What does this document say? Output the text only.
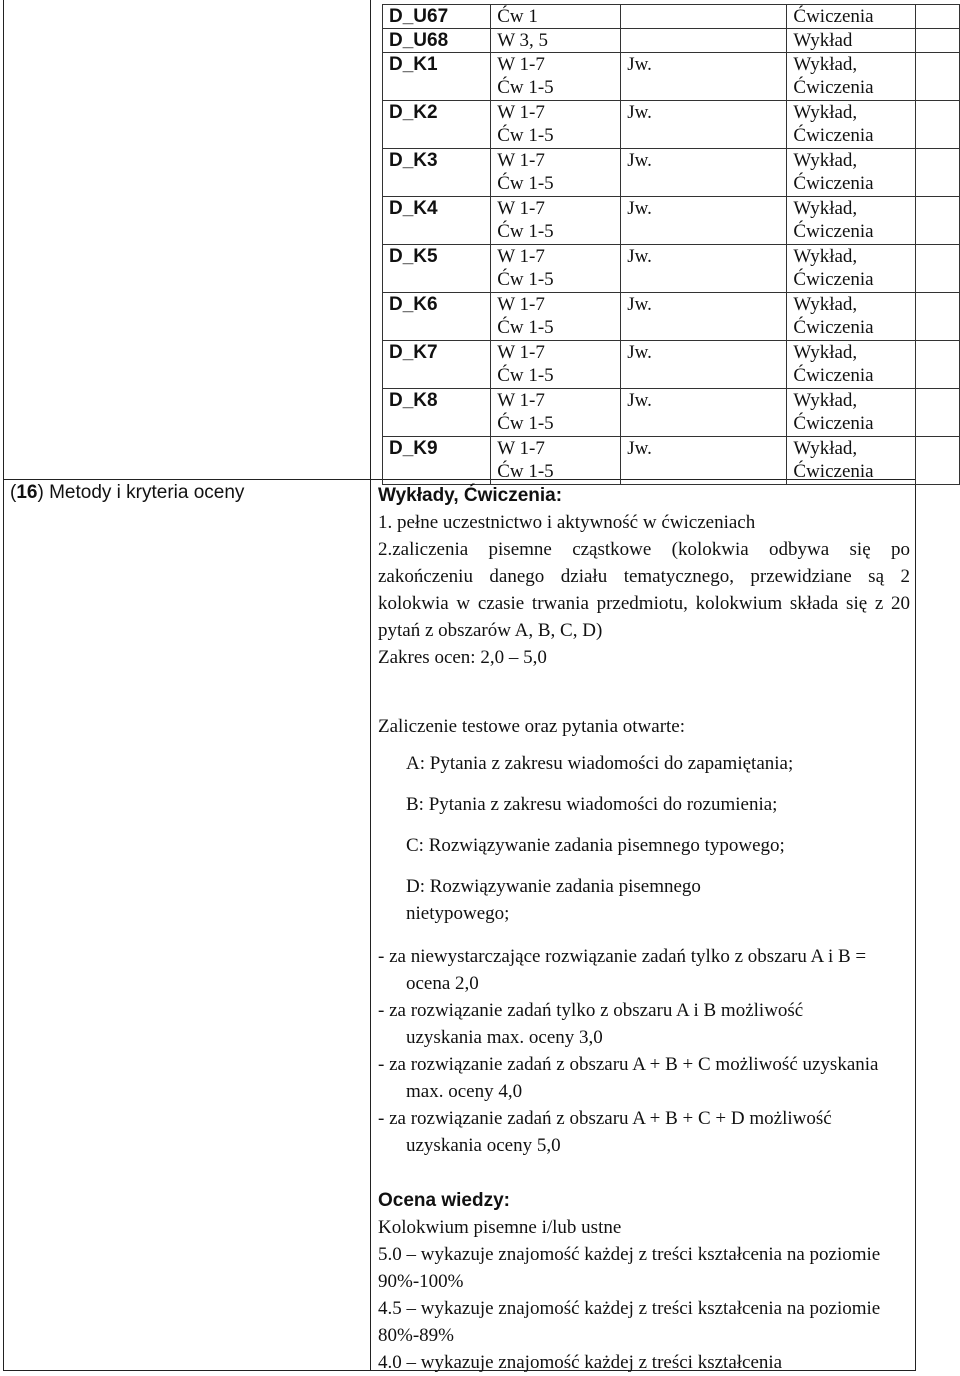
D_U67	Ćw 1		Ćwiczenia	

D_U68	W 3, 5		Wykład	

D_K1	W 1-7
Ćw 1-5	Jw.	Wykład,
Ćwiczenia	

D_K2	W 1-7
Ćw 1-5	Jw.	Wykład,
Ćwiczenia	

D_K3	W 1-7
Ćw 1-5	Jw.	Wykład,
Ćwiczenia	

D_K4	W 1-7
Ćw 1-5	Jw.	Wykład,
Ćwiczenia	

D_K5	W 1-7
Ćw 1-5	Jw.	Wykład,
Ćwiczenia	

D_K6	W 1-7
Ćw 1-5	Jw.	Wykład,
Ćwiczenia	

D_K7	W 1-7
Ćw 1-5	Jw.	Wykład,
Ćwiczenia	

D_K8	W 1-7
Ćw 1-5	Jw.	Wykład,
Ćwiczenia	

D_K9	W 1-7
Ćw 1-5	Jw.	Wykład,
Ćwiczenia	

(16) Metody i kryteria oceny	Wykłady, Ćwiczenia:

1. pełne uczestnictwo i aktywność w ćwiczeniach

2.zaliczenia pisemne cząstkowe (kolokwia odbywa się po zakończeniu danego działu tematycznego, przewidziane są 2 kolokwia w czasie trwania przedmiotu, kolokwium składa się z 20 pytań z obszarów A, B, C, D)

Zakres ocen: 2,0 – 5,0

Zaliczenie testowe oraz pytania otwarte:

A: Pytania z zakresu wiadomości do zapamiętania;

B: Pytania z zakresu wiadomości do rozumienia;

C: Rozwiązywanie zadania pisemnego typowego;

D: Rozwiązywanie zadania pisemnego nietypowego;

- za niewystarczające rozwiązanie zadań tylko z obszaru A i B = ocena 2,0

- za rozwiązanie zadań tylko z obszaru A i B możliwość uzyskania max. oceny 3,0

- za rozwiązanie zadań z obszaru A + B + C możliwość uzyskania max. oceny 4,0

- za rozwiązanie zadań z obszaru A + B + C + D możliwość uzyskania oceny 5,0

Ocena wiedzy:

Kolokwium pisemne i/lub ustne

5.0 – wykazuje znajomość każdej z treści kształcenia na poziomie 90%-100%

4.5 – wykazuje znajomość każdej z treści kształcenia na poziomie 80%-89%

4.0 – wykazuje znajomość każdej z treści kształcenia
